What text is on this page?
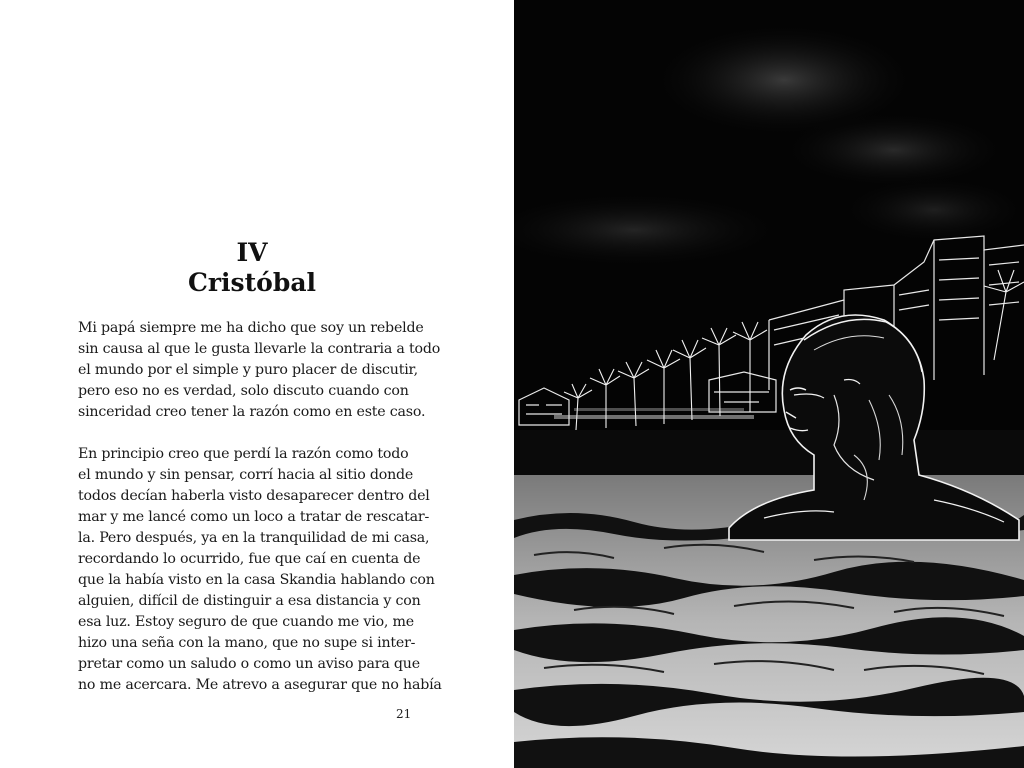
IV
Cristóbal
Mi papá siempre me ha dicho que soy un rebelde
sin causa al que le gusta llevarle la contraria a todo
el mundo por el simple y puro placer de discutir,
pero eso no es verdad, solo discuto cuando con
sinceridad creo tener la razón como en este caso.
En principio creo que perdí la razón como todo
el mundo y sin pensar, corrí hacia al sitio donde
todos decían haberla visto desaparecer dentro del
mar y me lancé como un loco a tratar de rescatar-
la. Pero después, ya en la tranquilidad de mi casa,
recordando lo ocurrido, fue que caí en cuenta de
que la había visto en la casa Skandia hablando con
alguien, difícil de distinguir a esa distancia y con
esa luz. Estoy seguro de que cuando me vio, me
hizo una seña con la mano, que no supe si inter-
pretar como un saludo o como un aviso para que
no me acercara. Me atrevo a asegurar que no había
21
